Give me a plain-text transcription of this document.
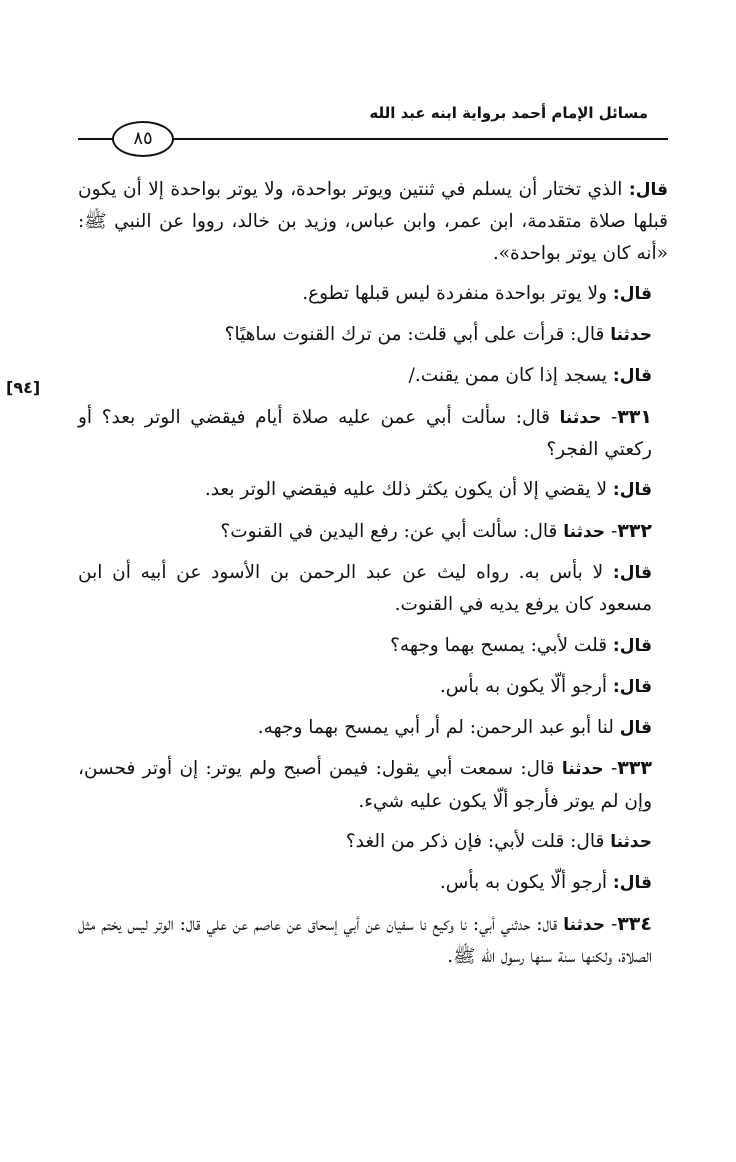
مسائل الإمام أحمد برواية ابنه عبد الله
٨٥
[٩٤]

قال: الذي تختار أن يسلم في ثنتين ويوتر بواحدة، ولا يوتر بواحدة إلا أن يكون قبلها صلاة متقدمة، ابن عمر، وابن عباس، وزيد بن خالد، رووا عن النبي ﷺ: «أنه كان يوتر بواحدة».

قال: ولا يوتر بواحدة منفردة ليس قبلها تطوع.

حدثنا قال: قرأت على أبي قلت: من ترك القنوت ساهيًا؟

قال: يسجد إذا كان ممن يقنت./

٣٣١- حدثنا قال: سألت أبي عمن عليه صلاة أيام فيقضي الوتر بعد؟ أو ركعتي الفجر؟

قال: لا يقضي إلا أن يكون يكثر ذلك عليه فيقضي الوتر بعد.

٣٣٢- حدثنا قال: سألت أبي عن: رفع اليدين في القنوت؟

قال: لا بأس به. رواه ليث عن عبد الرحمن بن الأسود عن أبيه أن ابن مسعود كان يرفع يديه في القنوت.

قال: قلت لأبي: يمسح بهما وجهه؟

قال: أرجو ألّا يكون به بأس.

قال لنا أبو عبد الرحمن: لم أر أبي يمسح بهما وجهه.

٣٣٣- حدثنا قال: سمعت أبي يقول: فيمن أصبح ولم يوتر: إن أوتر فحسن، وإن لم يوتر فأرجو ألّا يكون عليه شيء.

حدثنا قال: قلت لأبي: فإن ذكر من الغد؟

قال: أرجو ألّا يكون به بأس.

٣٣٤- حدثنا قال: حدثني أبي: نا وكيع نا سفيان عن أبي إسحاق عن عاصم عن علي قال: الوتر ليس يختم مثل الصلاة، ولكنها سنة سنها رسول الله ﷺ.
